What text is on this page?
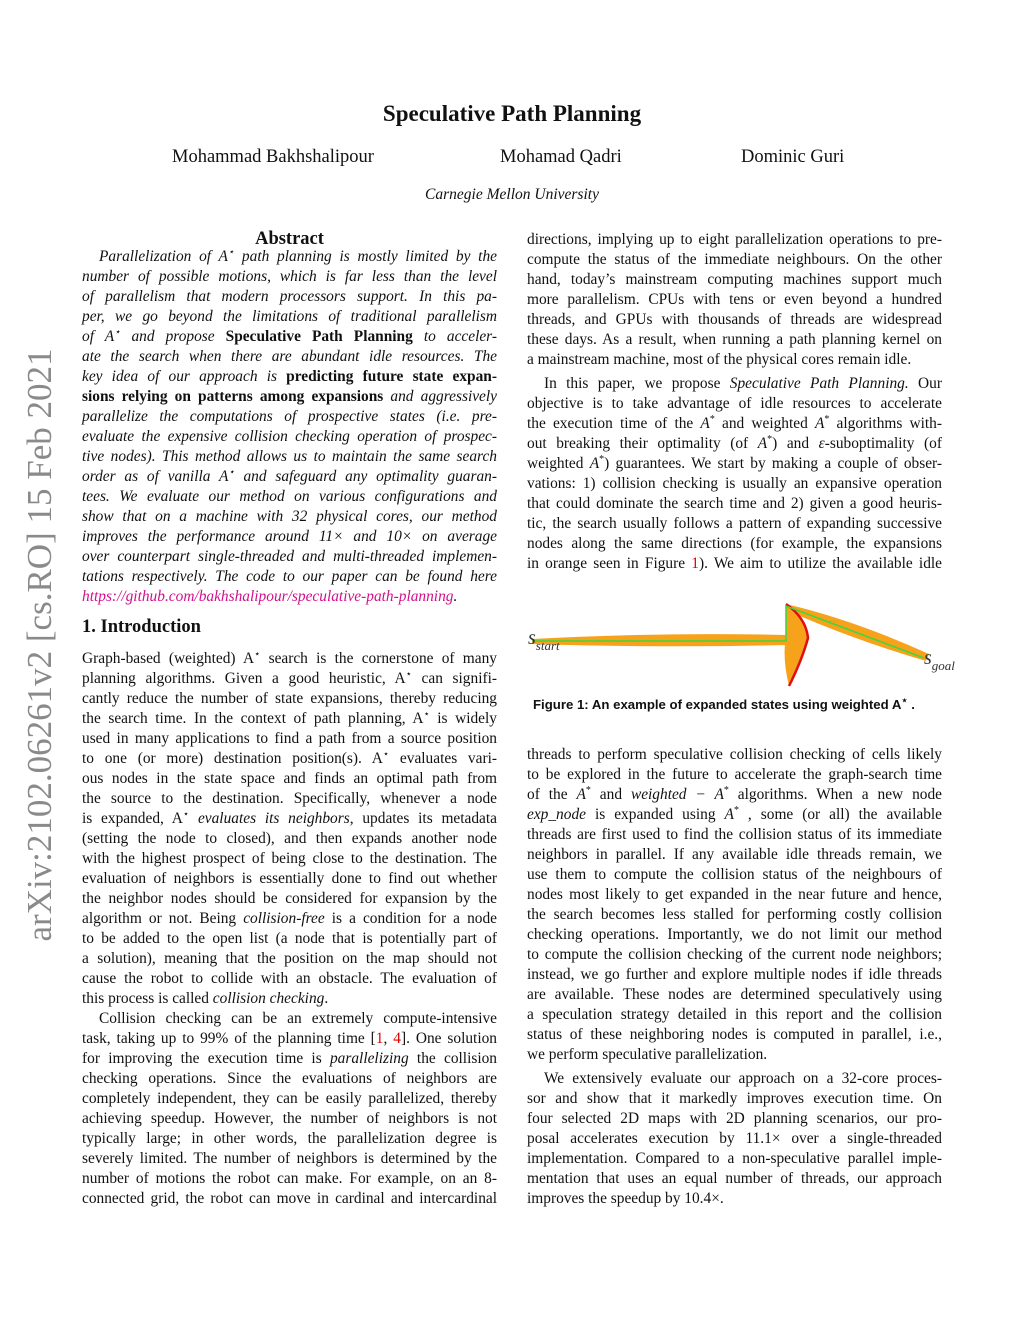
Speculative Path Planning
Mohammad Bakhshalipour	Mohamad Qadri	Dominic Guri
Carnegie Mellon University
arXiv:2102.06261v2 [cs.RO] 15 Feb 2021
Abstract
Parallelization of A⋆ path planning is mostly limited by the
number of possible motions, which is far less than the level
of parallelism that modern processors support. In this pa-
per, we go beyond the limitations of traditional parallelism
of A⋆ and propose Speculative Path Planning to acceler-
ate the search when there are abundant idle resources. The
key idea of our approach is predicting future state expan-
sions relying on patterns among expansions and aggressively
parallelize the computations of prospective states (i.e. pre-
evaluate the expensive collision checking operation of prospec-
tive nodes). This method allows us to maintain the same search
order as of vanilla A⋆ and safeguard any optimality guaran-
tees. We evaluate our method on various configurations and
show that on a machine with 32 physical cores, our method
improves the performance around 11× and 10× on average
over counterpart single-threaded and multi-threaded implemen-
tations respectively. The code to our paper can be found here
https://github.com/bakhshalipour/speculative-path-planning.
1. Introduction
Graph-based (weighted) A⋆ search is the cornerstone of many
planning algorithms. Given a good heuristic, A⋆ can signifi-
cantly reduce the number of state expansions, thereby reducing
the search time. In the context of path planning, A⋆ is widely
used in many applications to find a path from a source position
to one (or more) destination position(s). A⋆ evaluates vari-
ous nodes in the state space and finds an optimal path from
the source to the destination. Specifically, whenever a node
is expanded, A⋆ evaluates its neighbors, updates its metadata
(setting the node to closed), and then expands another node
with the highest prospect of being close to the destination. The
evaluation of neighbors is essentially done to find out whether
the neighbor nodes should be considered for expansion by the
algorithm or not. Being collision-free is a condition for a node
to be added to the open list (a node that is potentially part of
a solution), meaning that the position on the map should not
cause the robot to collide with an obstacle. The evaluation of
this process is called collision checking.
Collision checking can be an extremely compute-intensive
task, taking up to 99% of the planning time [1, 4]. One solution
for improving the execution time is parallelizing the collision
checking operations. Since the evaluations of neighbors are
completely independent, they can be easily parallelized, thereby
achieving speedup. However, the number of neighbors is not
typically large; in other words, the parallelization degree is
severely limited. The number of neighbors is determined by the
number of motions the robot can make. For example, on an 8-
connected grid, the robot can move in cardinal and intercardinal
directions, implying up to eight parallelization operations to pre-
compute the status of the immediate neighbours. On the other
hand, today’s mainstream computing machines support much
more parallelism. CPUs with tens or even beyond a hundred
threads, and GPUs with thousands of threads are widespread
these days. As a result, when running a path planning kernel on
a mainstream machine, most of the physical cores remain idle.
In this paper, we propose Speculative Path Planning. Our
objective is to take advantage of idle resources to accelerate
the execution time of the A* and weighted A* algorithms with-
out breaking their optimality (of A*) and ε-suboptimality (of
weighted A*) guarantees. We start by making a couple of obser-
vations: 1) collision checking is usually an expansive operation
that could dominate the search time and 2) given a good heuris-
tic, the search usually follows a pattern of expanding successive
nodes along the same directions (for example, the expansions
in orange seen in Figure 1). We aim to utilize the available idle
$s_{start}$
$s_{goal}$
···
···
Figure 1: An example of expanded states using weighted A⋆ .
threads to perform speculative collision checking of cells likely
to be explored in the future to accelerate the graph-search time
of the A* and weighted − A* algorithms. When a new node
exp_node is expanded using A* , some (or all) the available
threads are first used to find the collision status of its immediate
neighbors in parallel. If any available idle threads remain, we
use them to compute the collision status of the neighbours of
nodes most likely to get expanded in the near future and hence,
the search becomes less stalled for performing costly collision
checking operations. Importantly, we do not limit our method
to compute the collision checking of the current node neighbors;
instead, we go further and explore multiple nodes if idle threads
are available. These nodes are determined speculatively using
a speculation strategy detailed in this report and the collision
status of these neighboring nodes is computed in parallel, i.e.,
we perform speculative parallelization.
We extensively evaluate our approach on a 32-core proces-
sor and show that it markedly improves execution time. On
four selected 2D maps with 2D planning scenarios, our pro-
posal accelerates execution by 11.1× over a single-threaded
implementation. Compared to a non-speculative parallel imple-
mentation that uses an equal number of threads, our approach
improves the speedup by 10.4×.
